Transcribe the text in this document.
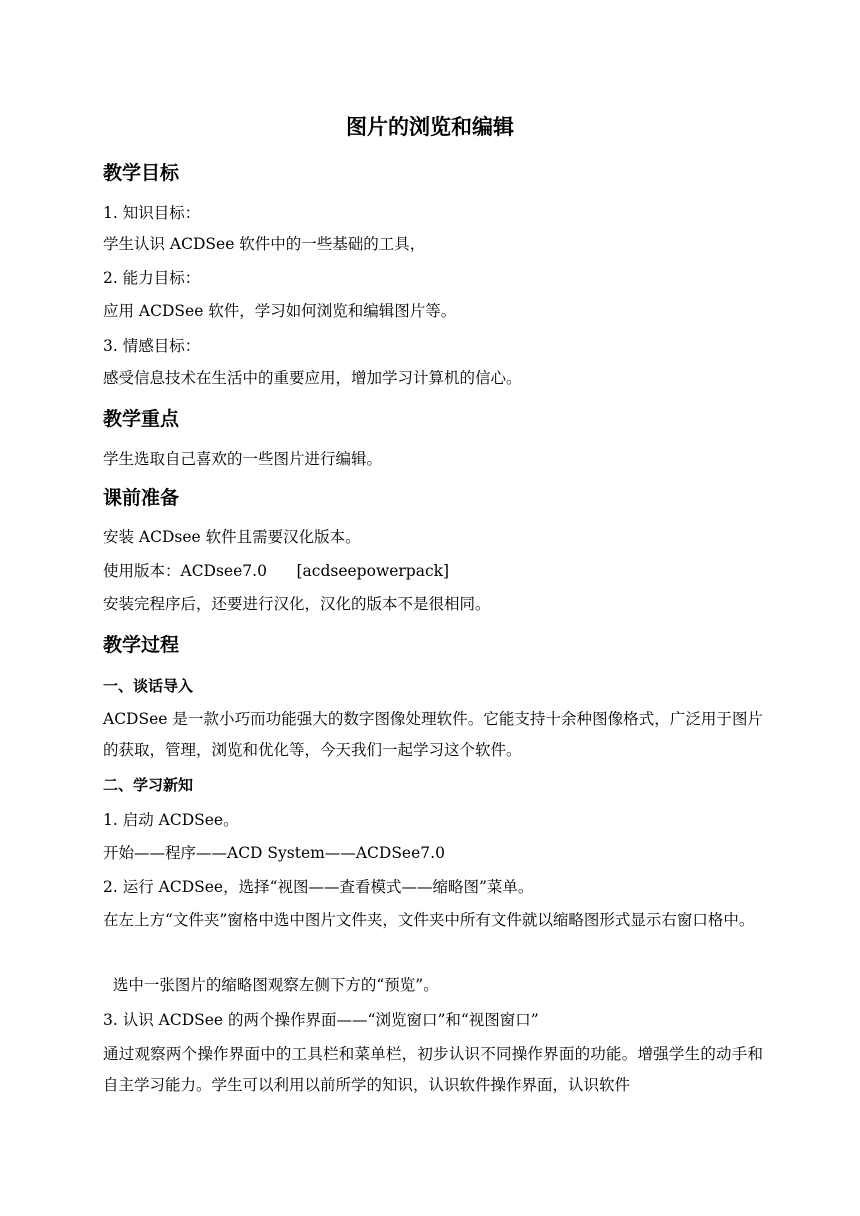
图片的浏览和编辑
教学目标
1. 知识目标：
学生认识 ACDSee 软件中的一些基础的工具，
2. 能力目标：
应用 ACDSee 软件，学习如何浏览和编辑图片等。
3. 情感目标：
感受信息技术在生活中的重要应用，增加学习计算机的信心。
教学重点
学生选取自己喜欢的一些图片进行编辑。
课前准备
安装 ACDsee 软件且需要汉化版本。
使用版本：ACDsee7.0      [acdseepowerpack]
安装完程序后，还要进行汉化，汉化的版本不是很相同。
教学过程
一、谈话导入
ACDSee 是一款小巧而功能强大的数字图像处理软件。它能支持十余种图像格式，广泛用于图片的获取，管理，浏览和优化等，今天我们一起学习这个软件。
二、学习新知
1. 启动 ACDSee。
开始——程序——ACD System——ACDSee7.0
2. 运行 ACDSee，选择“视图——查看模式——缩略图”菜单。
在左上方“文件夹”窗格中选中图片文件夹，文件夹中所有文件就以缩略图形式显示右窗口格中。
选中一张图片的缩略图观察左侧下方的“预览”。
3. 认识 ACDSee 的两个操作界面——“浏览窗口”和“视图窗口”
通过观察两个操作界面中的工具栏和菜单栏，初步认识不同操作界面的功能。增强学生的动手和自主学习能力。学生可以利用以前所学的知识，认识软件操作界面，认识软件
